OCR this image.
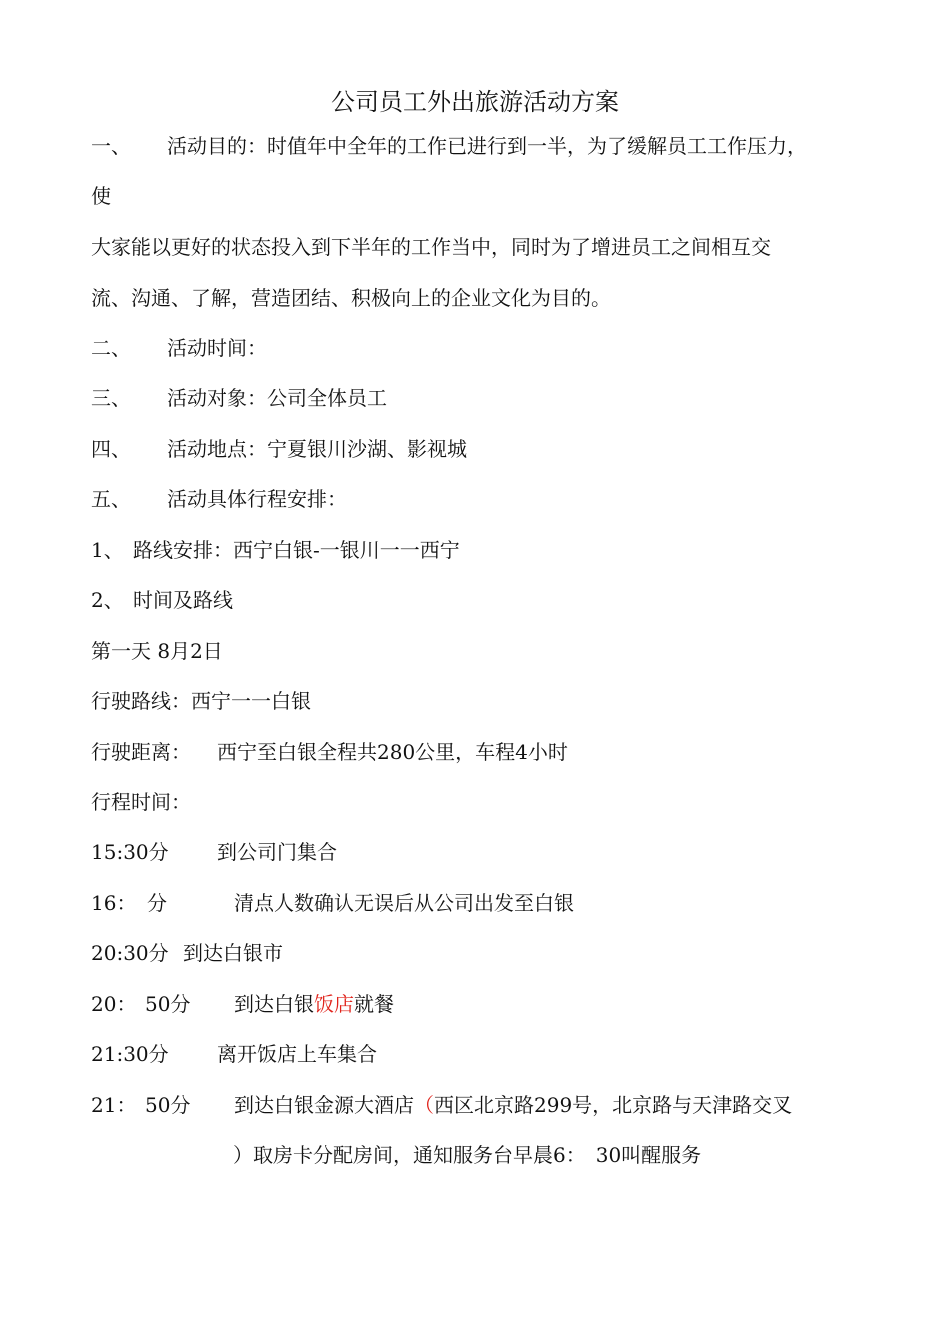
公司员工外出旅游活动方案
一、 活动目的：时值年中全年的工作已进行到一半，为了缓解员工工作压力，
使
大家能以更好的状态投入到下半年的工作当中，同时为了增进员工之间相互交
流、沟通、了解，营造团结、积极向上的企业文化为目的。
二、 活动时间：
三、 活动对象：公司全体员工
四、 活动地点：宁夏银川沙湖、影视城
五、 活动具体行程安排：
1、 路线安排：西宁白银-一银川一一西宁
2、 时间及路线
第一天 8月2日
行驶路线：西宁一一白银
行驶距离： 西宁至白银全程共280公里，车程4小时
行程时间：
15:30分 到公司门集合
16： 分	清点人数确认无误后从公司出发至白银
20:30分 到达白银市
20： 50分 到达白银饭店就餐
21:30分 离开饭店上车集合
21： 50分 到达白银金源大酒店（西区北京路299号，北京路与天津路交叉
）取房卡分配房间，通知服务台早晨6：　30叫醒服务
